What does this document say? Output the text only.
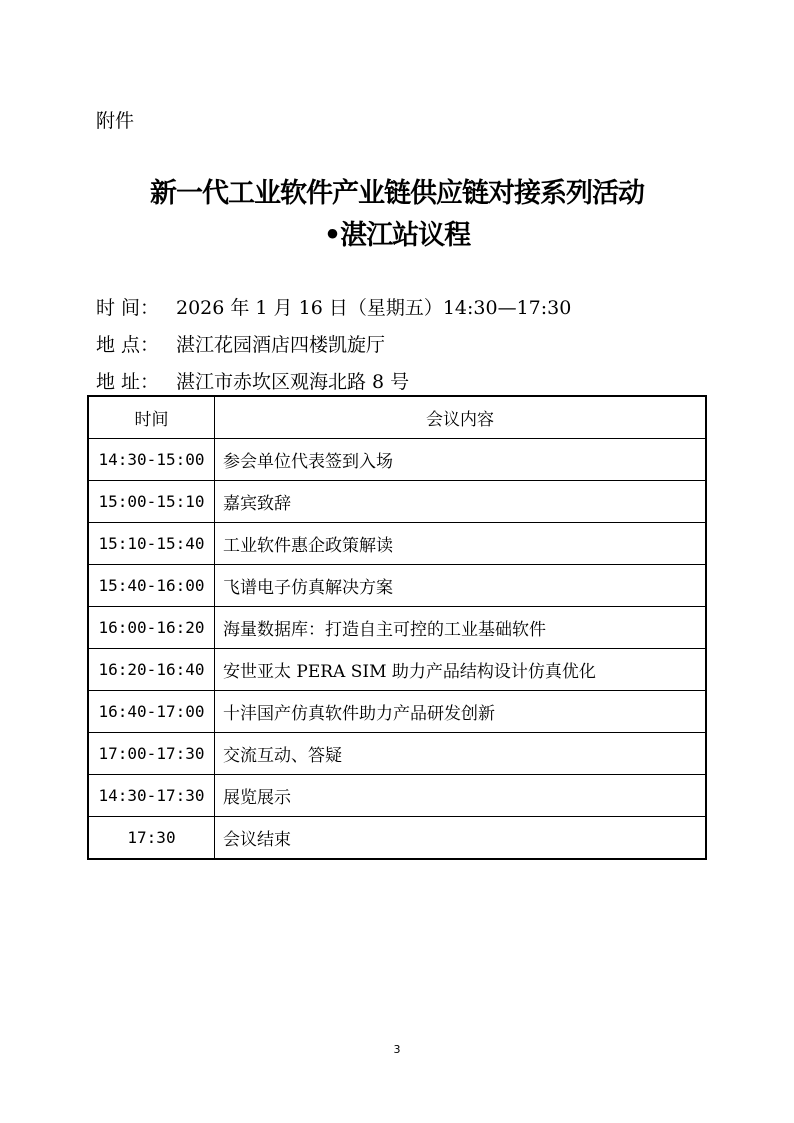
附件
新一代工业软件产业链供应链对接系列活动
•湛江站议程
时 间： 2026 年 1 月 16 日（星期五）14:30—17:30
地 点： 湛江花园酒店四楼凯旋厅
地 址： 湛江市赤坎区观海北路 8 号
时间	会议内容
14:30-15:00	参会单位代表签到入场
15:00-15:10	嘉宾致辞
15:10-15:40	工业软件惠企政策解读
15:40-16:00	飞谱电子仿真解决方案
16:00-16:20	海量数据库：打造自主可控的工业基础软件
16:20-16:40	安世亚太 PERA SIM 助力产品结构设计仿真优化
16:40-17:00	十沣国产仿真软件助力产品研发创新
17:00-17:30	交流互动、答疑
14:30-17:30	展览展示
17:30	会议结束
3
